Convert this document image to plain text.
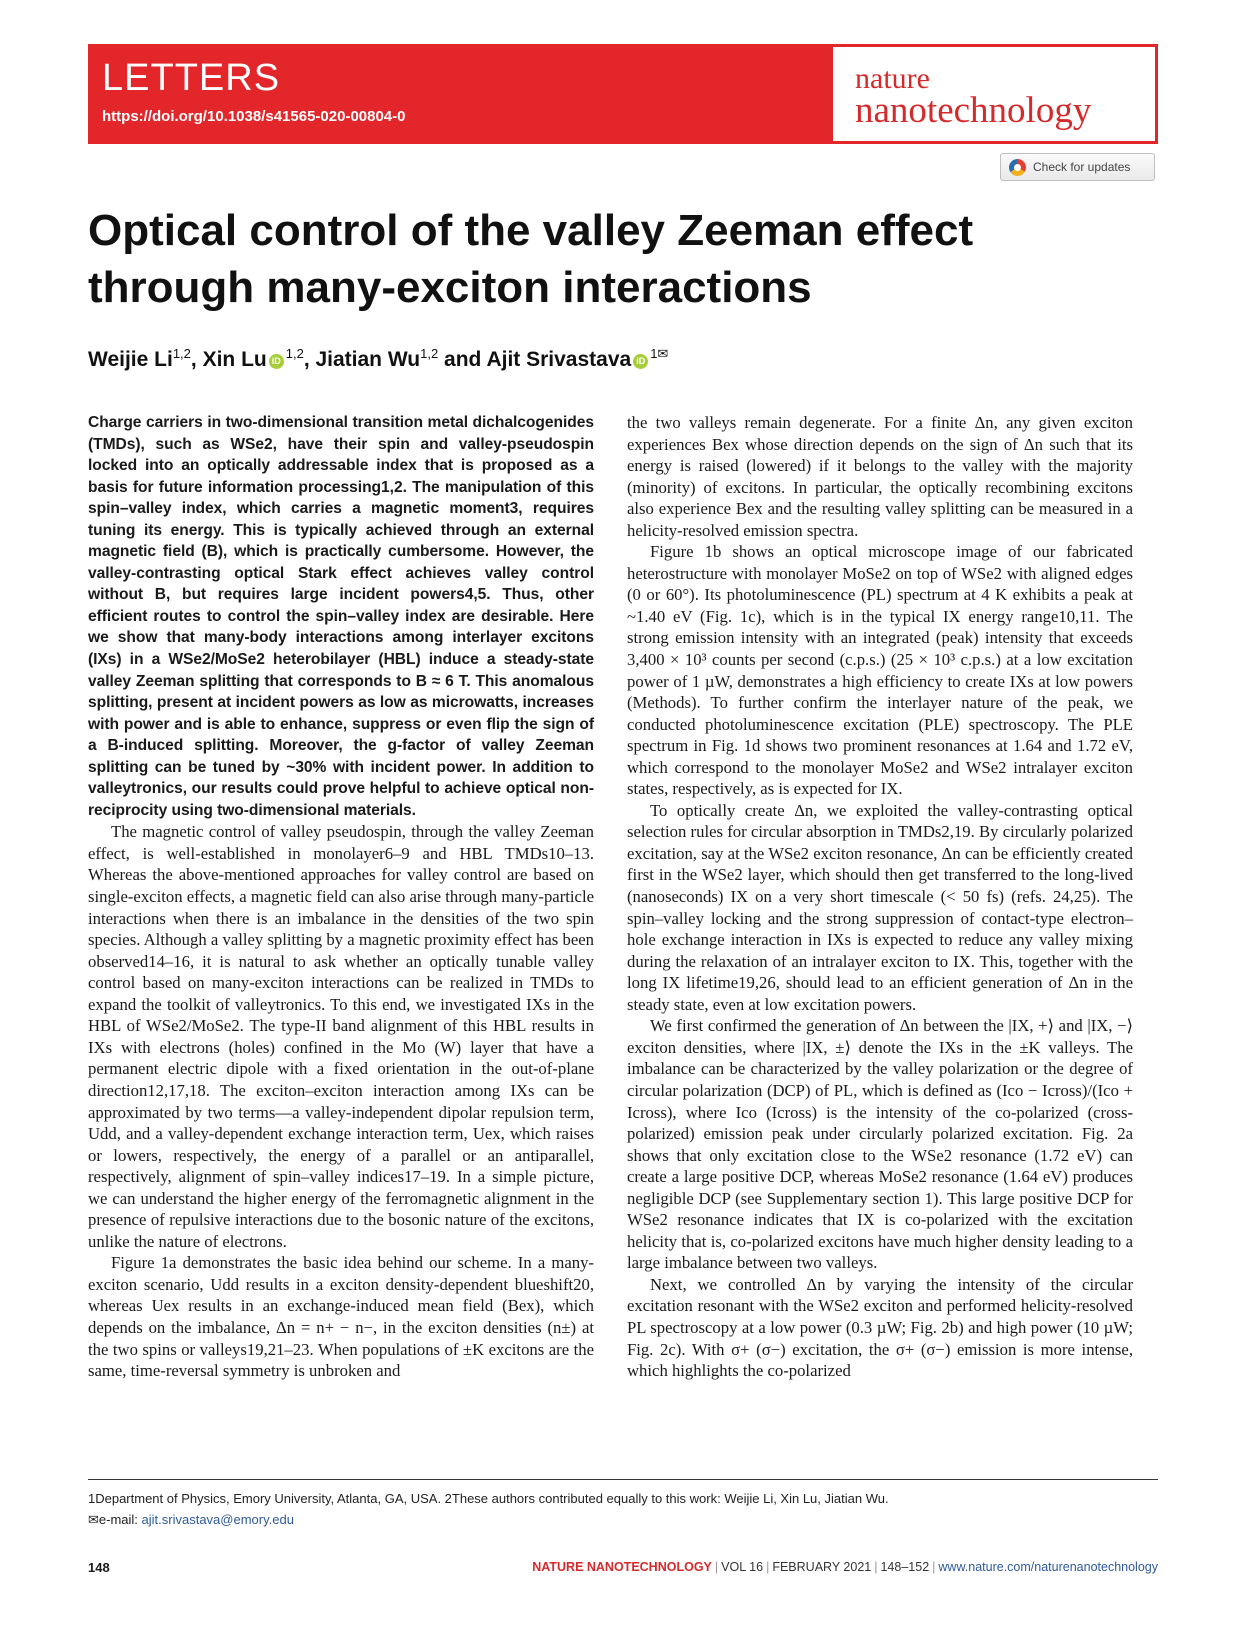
LETTERS
https://doi.org/10.1038/s41565-020-00804-0
nature
nanotechnology
Check for updates
Optical control of the valley Zeeman effect through many-exciton interactions
Weijie Li$^{1,2}$, Xin Lu iD $^{1,2}$, Jiatian Wu$^{1,2}$ and Ajit Srivastava iD $^{1✉}$

Charge carriers in two-dimensional transition metal dichalcogenides (TMDs), such as WSe2, have their spin and valley-pseudospin locked into an optically addressable index that is proposed as a basis for future information processing1,2. The manipulation of this spin–valley index, which carries a magnetic moment3, requires tuning its energy. This is typically achieved through an external magnetic field (B), which is practically cumbersome. However, the valley-contrasting optical Stark effect achieves valley control without B, but requires large incident powers4,5. Thus, other efficient routes to control the spin–valley index are desirable. Here we show that many-body interactions among interlayer excitons (IXs) in a WSe2/MoSe2 heterobilayer (HBL) induce a steady-state valley Zeeman splitting that corresponds to B ≈ 6 T. This anomalous splitting, present at incident powers as low as microwatts, increases with power and is able to enhance, suppress or even flip the sign of a B-induced splitting. Moreover, the g-factor of valley Zeeman splitting can be tuned by ~30% with incident power. In addition to valleytronics, our results could prove helpful to achieve optical non-reciprocity using two-dimensional materials.

The magnetic control of valley pseudospin, through the valley Zeeman effect, is well-established in monolayer6–9 and HBL TMDs10–13. Whereas the above-mentioned approaches for valley control are based on single-exciton effects, a magnetic field can also arise through many-particle interactions when there is an imbalance in the densities of the two spin species. Although a valley splitting by a magnetic proximity effect has been observed14–16, it is natural to ask whether an optically tunable valley control based on many-exciton interactions can be realized in TMDs to expand the toolkit of valleytronics. To this end, we investigated IXs in the HBL of WSe2/MoSe2. The type-II band alignment of this HBL results in IXs with electrons (holes) confined in the Mo (W) layer that have a permanent electric dipole with a fixed orientation in the out-of-plane direction12,17,18. The exciton–exciton interaction among IXs can be approximated by two terms—a valley-independent dipolar repulsion term, Udd, and a valley-dependent exchange interaction term, Uex, which raises or lowers, respectively, the energy of a parallel or an antiparallel, respectively, alignment of spin–valley indices17–19. In a simple picture, we can understand the higher energy of the ferromagnetic alignment in the presence of repulsive interactions due to the bosonic nature of the excitons, unlike the nature of electrons.

Figure 1a demonstrates the basic idea behind our scheme. In a many-exciton scenario, Udd results in a exciton density-dependent blueshift20, whereas Uex results in an exchange-induced mean field (Bex), which depends on the imbalance, Δn = n+ − n−, in the exciton densities (n±) at the two spins or valleys19,21–23. When populations of ±K excitons are the same, time-reversal symmetry is unbroken and

the two valleys remain degenerate. For a finite Δn, any given exciton experiences Bex whose direction depends on the sign of Δn such that its energy is raised (lowered) if it belongs to the valley with the majority (minority) of excitons. In particular, the optically recombining excitons also experience Bex and the resulting valley splitting can be measured in a helicity-resolved emission spectra.

Figure 1b shows an optical microscope image of our fabricated heterostructure with monolayer MoSe2 on top of WSe2 with aligned edges (0 or 60°). Its photoluminescence (PL) spectrum at 4 K exhibits a peak at ~1.40 eV (Fig. 1c), which is in the typical IX energy range10,11. The strong emission intensity with an integrated (peak) intensity that exceeds 3,400 × 10³ counts per second (c.p.s.) (25 × 10³ c.p.s.) at a low excitation power of 1 µW, demonstrates a high efficiency to create IXs at low powers (Methods). To further confirm the interlayer nature of the peak, we conducted photoluminescence excitation (PLE) spectroscopy. The PLE spectrum in Fig. 1d shows two prominent resonances at 1.64 and 1.72 eV, which correspond to the monolayer MoSe2 and WSe2 intralayer exciton states, respectively, as is expected for IX.

To optically create Δn, we exploited the valley-contrasting optical selection rules for circular absorption in TMDs2,19. By circularly polarized excitation, say at the WSe2 exciton resonance, Δn can be efficiently created first in the WSe2 layer, which should then get transferred to the long-lived (nanoseconds) IX on a very short timescale (< 50 fs) (refs. 24,25). The spin–valley locking and the strong suppression of contact-type electron–hole exchange interaction in IXs is expected to reduce any valley mixing during the relaxation of an intralayer exciton to IX. This, together with the long IX lifetime19,26, should lead to an efficient generation of Δn in the steady state, even at low excitation powers.

We first confirmed the generation of Δn between the |IX, +⟩ and |IX, −⟩ exciton densities, where |IX, ±⟩ denote the IXs in the ±K valleys. The imbalance can be characterized by the valley polarization or the degree of circular polarization (DCP) of PL, which is defined as (Ico − Icross)/(Ico + Icross), where Ico (Icross) is the intensity of the co-polarized (cross-polarized) emission peak under circularly polarized excitation. Fig. 2a shows that only excitation close to the WSe2 resonance (1.72 eV) can create a large positive DCP, whereas MoSe2 resonance (1.64 eV) produces negligible DCP (see Supplementary section 1). This large positive DCP for WSe2 resonance indicates that IX is co-polarized with the excitation helicity that is, co-polarized excitons have much higher density leading to a large imbalance between two valleys.

Next, we controlled Δn by varying the intensity of the circular excitation resonant with the WSe2 exciton and performed helicity-resolved PL spectroscopy at a low power (0.3 µW; Fig. 2b) and high power (10 µW; Fig. 2c). With σ+ (σ−) excitation, the σ+ (σ−) emission is more intense, which highlights the co-polarized

1Department of Physics, Emory University, Atlanta, GA, USA. 2These authors contributed equally to this work: Weijie Li, Xin Lu, Jiatian Wu.
✉e-mail: ajit.srivastava@emory.edu
148	NATURE NANOTECHNOLOGY | VOL 16 | FEBRUARY 2021 | 148–152 | www.nature.com/naturenanotechnology
